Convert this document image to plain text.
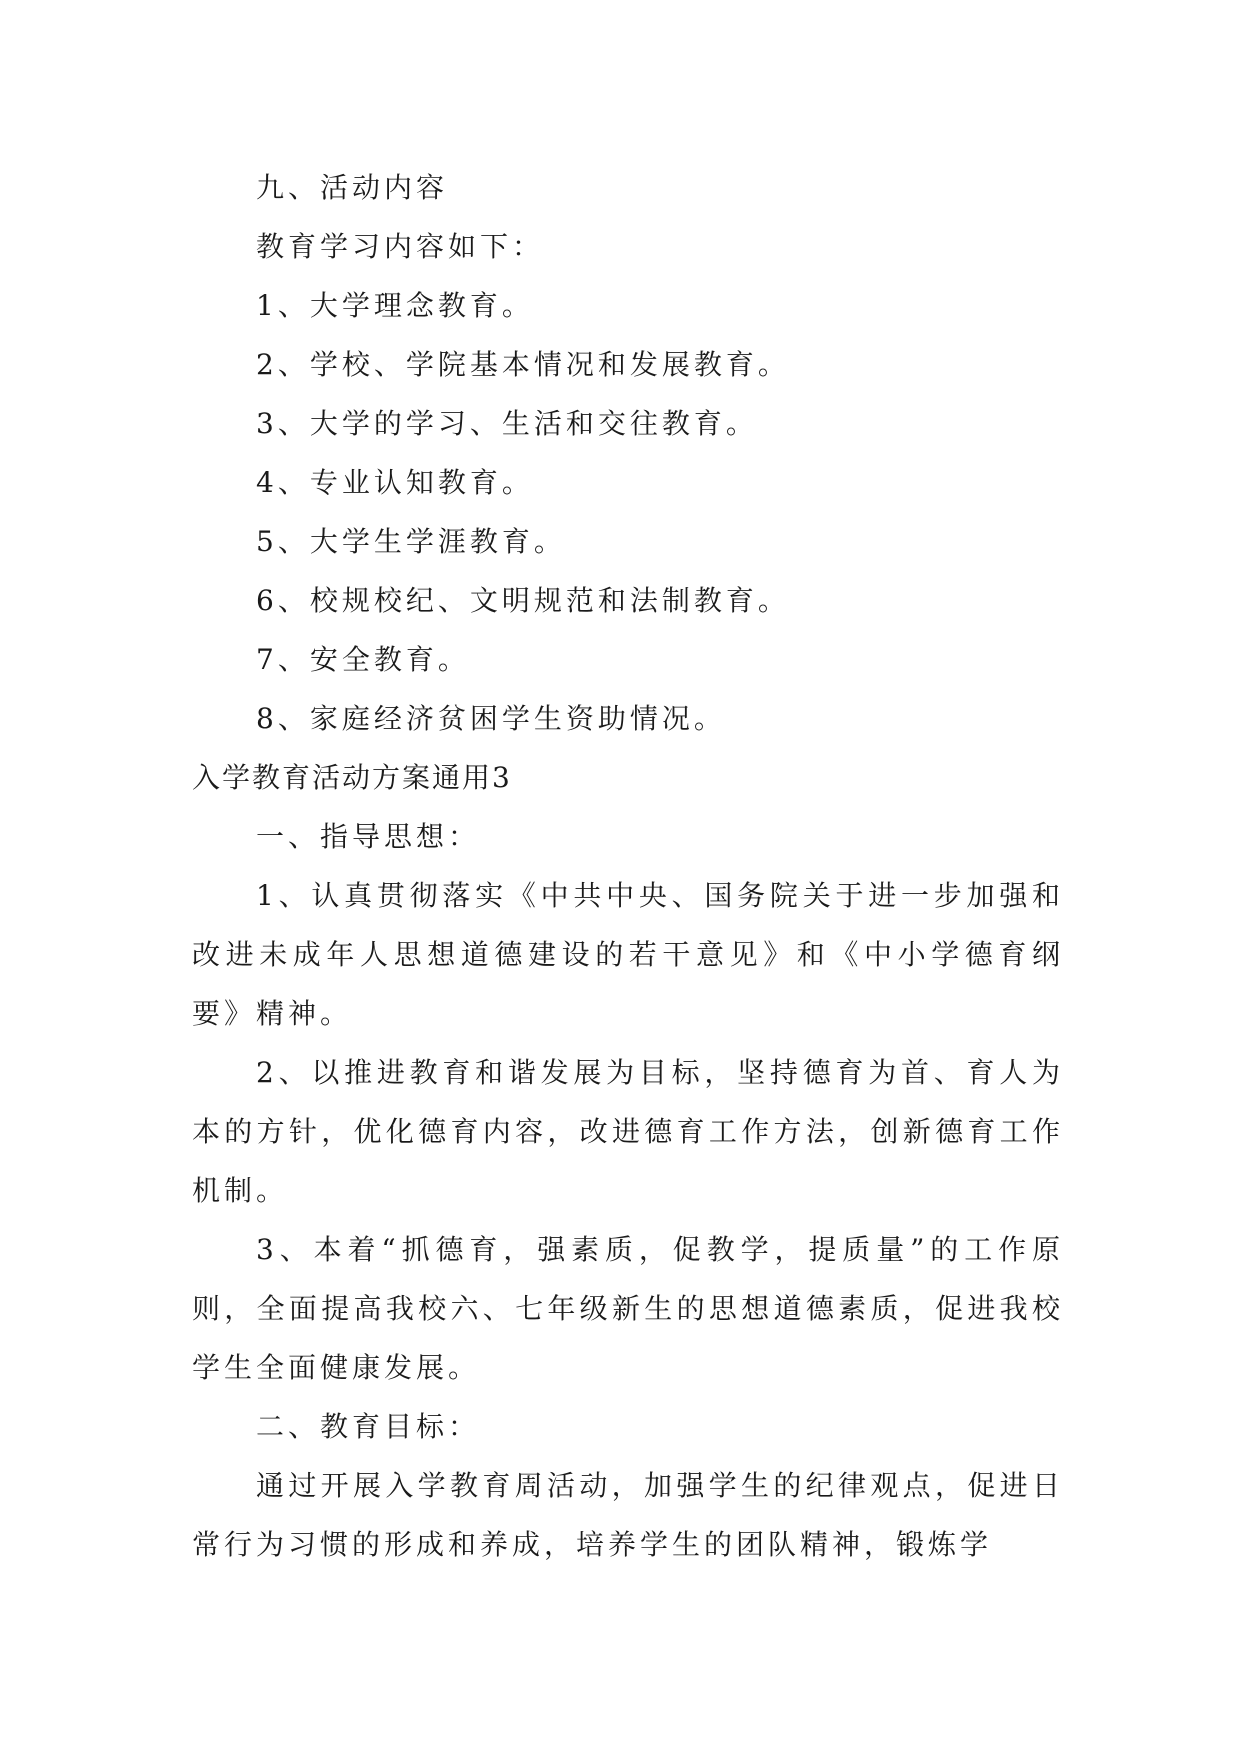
九、活动内容

教育学习内容如下：

1、大学理念教育。

2、学校、学院基本情况和发展教育。

3、大学的学习、生活和交往教育。

4、专业认知教育。

5、大学生学涯教育。

6、校规校纪、文明规范和法制教育。

7、安全教育。

8、家庭经济贫困学生资助情况。

入学教育活动方案通用3

一、指导思想：

1、认真贯彻落实《中共中央、国务院关于进一步加强和改进未成年人思想道德建设的若干意见》和《中小学德育纲要》精神。

2、以推进教育和谐发展为目标，坚持德育为首、育人为本的方针，优化德育内容，改进德育工作方法，创新德育工作机制。

3、本着“抓德育，强素质，促教学，提质量”的工作原则，全面提高我校六、七年级新生的思想道德素质，促进我校学生全面健康发展。

二、教育目标：

通过开展入学教育周活动，加强学生的纪律观点，促进日常行为习惯的形成和养成，培养学生的团队精神，锻炼学
